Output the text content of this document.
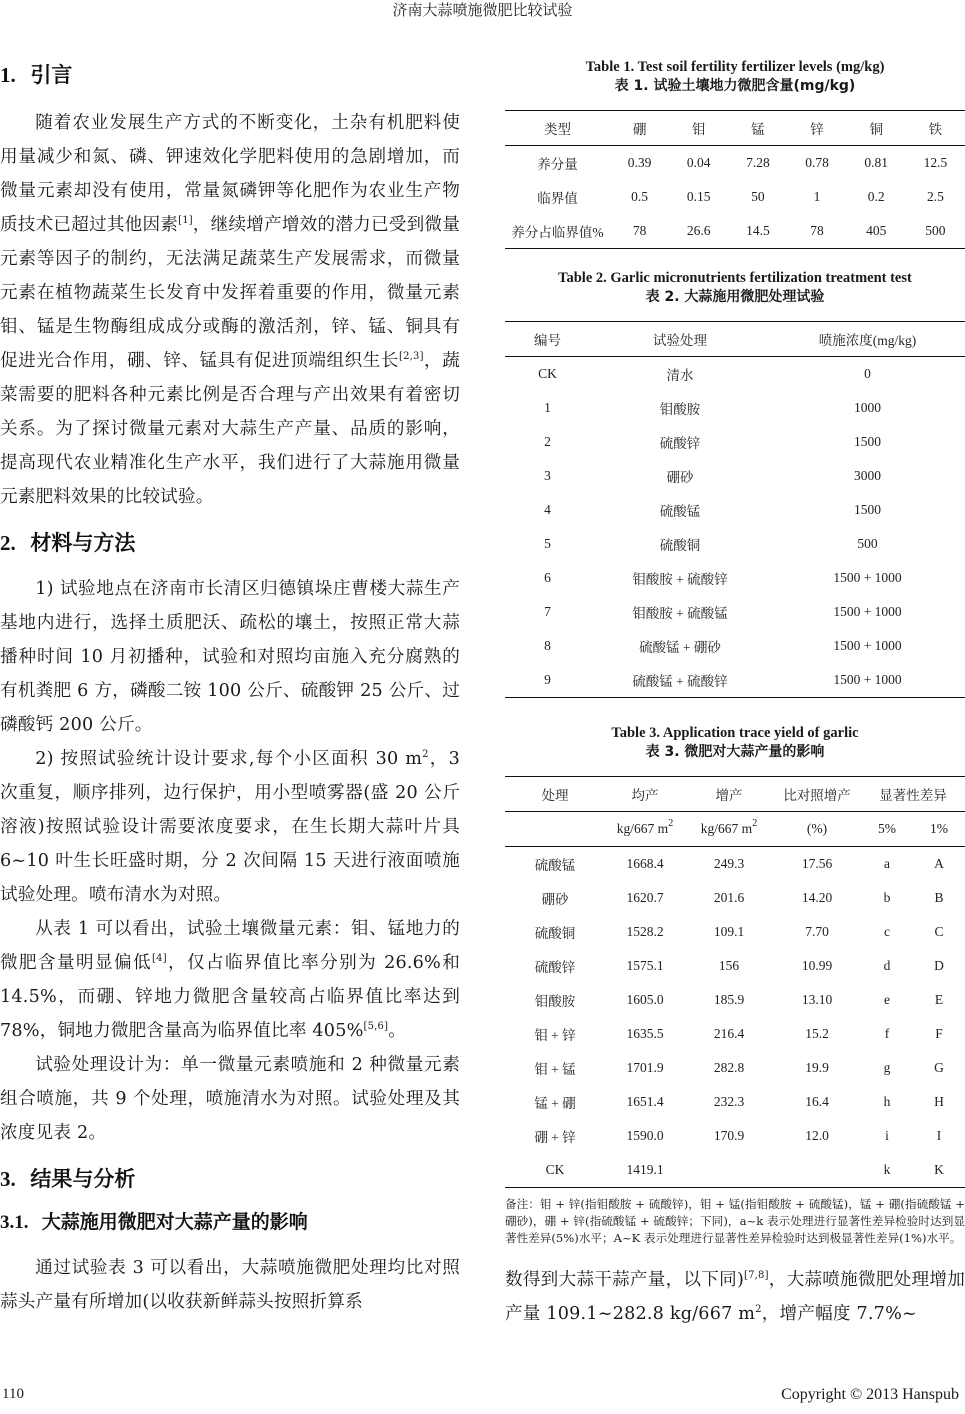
济南大蒜喷施微肥比较试验
1. 引言

随着农业发展生产方式的不断变化，土杂有机肥料使用量减少和氮、磷、钾速效化学肥料使用的急剧增加，而微量元素却没有使用，常量氮磷钾等化肥作为农业生产物质技术已超过其他因素[1]，继续增产增效的潜力已受到微量元素等因子的制约，无法满足蔬菜生产发展需求，而微量元素在植物蔬菜生长发育中发挥着重要的作用，微量元素钼、锰是生物酶组成成分或酶的激活剂，锌、锰、铜具有促进光合作用，硼、锌、锰具有促进顶端组织生长[2,3]，蔬菜需要的肥料各种元素比例是否合理与产出效果有着密切关系。为了探讨微量元素对大蒜生产产量、品质的影响，提高现代农业精准化生产水平，我们进行了大蒜施用微量元素肥料效果的比较试验。

2. 材料与方法

1) 试验地点在济南市长清区归德镇垛庄曹楼大蒜生产基地内进行，选择土质肥沃、疏松的壤土，按照正常大蒜播种时间 10 月初播种，试验和对照均亩施入充分腐熟的有机粪肥 6 方，磷酸二铵 100 公斤、硫酸钾 25 公斤、过磷酸钙 200 公斤。

2) 按照试验统计设计要求,每个小区面积 30 $m^2$，3 次重复，顺序排列，边行保护，用小型喷雾器(盛 20 公斤溶液)按照试验设计需要浓度要求，在生长期大蒜叶片具 6~10 叶生长旺盛时期，分 2 次间隔 15 天进行液面喷施试验处理。喷布清水为对照。

从表 1 可以看出，试验土壤微量元素：钼、锰地力的微肥含量明显偏低[4]，仅占临界值比率分别为 26.6%和 14.5%，而硼、锌地力微肥含量较高占临界值比率达到 78%，铜地力微肥含量高为临界值比率 405%[5,6]。

试验处理设计为：单一微量元素喷施和 2 种微量元素组合喷施，共 9 个处理，喷施清水为对照。试验处理及其浓度见表 2。

3. 结果与分析
3.1. 大蒜施用微肥对大蒜产量的影响

通过试验表 3 可以看出，大蒜喷施微肥处理均比对照蒜头产量有所增加(以收获新鲜蒜头按照折算系

Table 1. Test soil fertility fertilizer levels (mg/kg)
表 1. 试验土壤地力微肥含量(mg/kg)
类型	硼	钼	锰	锌	铜	铁
养分量	0.39	0.04	7.28	0.78	0.81	12.5
临界值	0.5	0.15	50	1	0.2	2.5
养分占临界值%	78	26.6	14.5	78	405	500
Table 2. Garlic micronutrients fertilization treatment test
表 2. 大蒜施用微肥处理试验
编号	试验处理	喷施浓度(mg/kg)
CK	清水	0
1	钼酸胺	1000
2	硫酸锌	1500
3	硼砂	3000
4	硫酸锰	1500
5	硫酸铜	500
6	钼酸胺 + 硫酸锌	1500 + 1000
7	钼酸胺 + 硫酸锰	1500 + 1000
8	硫酸锰 + 硼砂	1500 + 1000
9	硫酸锰 + 硫酸锌	1500 + 1000
Table 3. Application trace yield of garlic
表 3. 微肥对大蒜产量的影响
处理	均产	增产	比对照增产	显著性差异	
	kg/667 $m^2$	kg/667 $m^2$	(%)	5%	1%
硫酸锰	1668.4	249.3	17.56	a	A
硼砂	1620.7	201.6	14.20	b	B
硫酸铜	1528.2	109.1	7.70	c	C
硫酸锌	1575.1	156	10.99	d	D
钼酸胺	1605.0	185.9	13.10	e	E
钼 + 锌	1635.5	216.4	15.2	f	F
钼 + 锰	1701.9	282.8	19.9	g	G
锰 + 硼	1651.4	232.3	16.4	h	H
硼 + 锌	1590.0	170.9	12.0	i	I
CK	1419.1			k	K
备注：钼 + 锌(指钼酸胺 + 硫酸锌)，钼 + 锰(指钼酸胺 + 硫酸锰)，锰 + 硼(指硫酸锰 + 硼砂)，硼 + 锌(指硫酸锰 + 硫酸锌；下同)，a~k 表示处理进行显著性差异检验时达到显著性差异(5%)水平；A~K 表示处理进行显著性差异检验时达到极显著性差异(1%)水平。

数得到大蒜干蒜产量，以下同)[7,8]，大蒜喷施微肥处理增加产量 109.1~282.8 kg/667 $m^2$，增产幅度 7.7%~

110	Copyright © 2013 Hanspub
